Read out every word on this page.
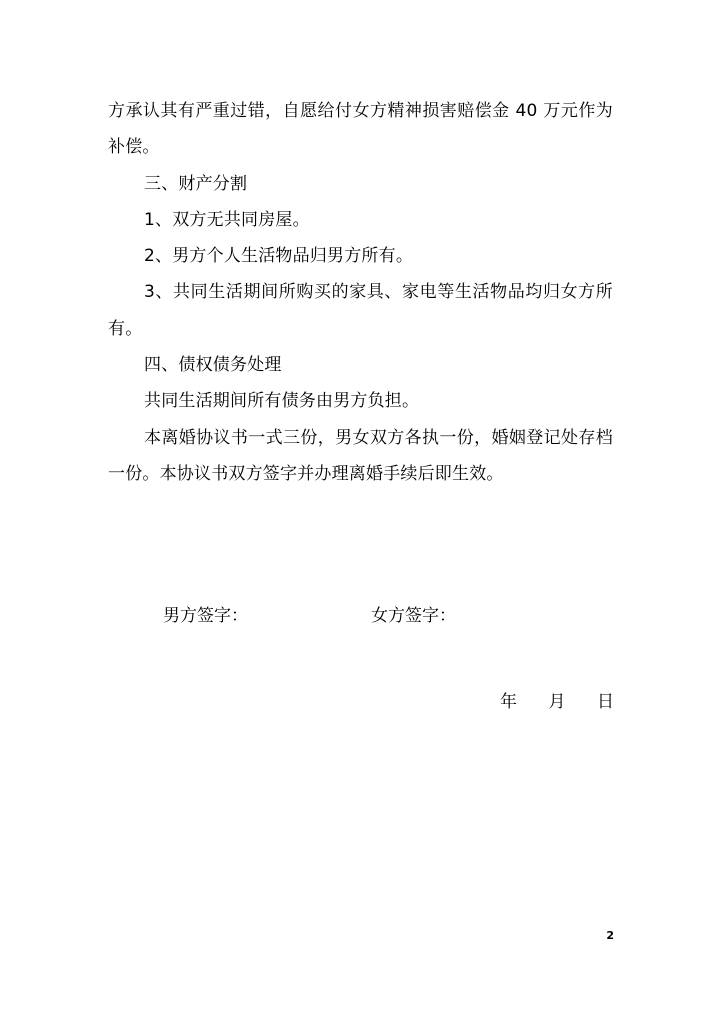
方承认其有严重过错，自愿给付女方精神损害赔偿金 40 万元作为补偿。

三、财产分割

1、双方无共同房屋。

2、男方个人生活物品归男方所有。

3、共同生活期间所购买的家具、家电等生活物品均归女方所有。

四、债权债务处理

共同生活期间所有债务由男方负担。

本离婚协议书一式三份，男女双方各执一份，婚姻登记处存档一份。本协议书双方签字并办理离婚手续后即生效。

男方签字：	女方签字：
年 月 日
2
